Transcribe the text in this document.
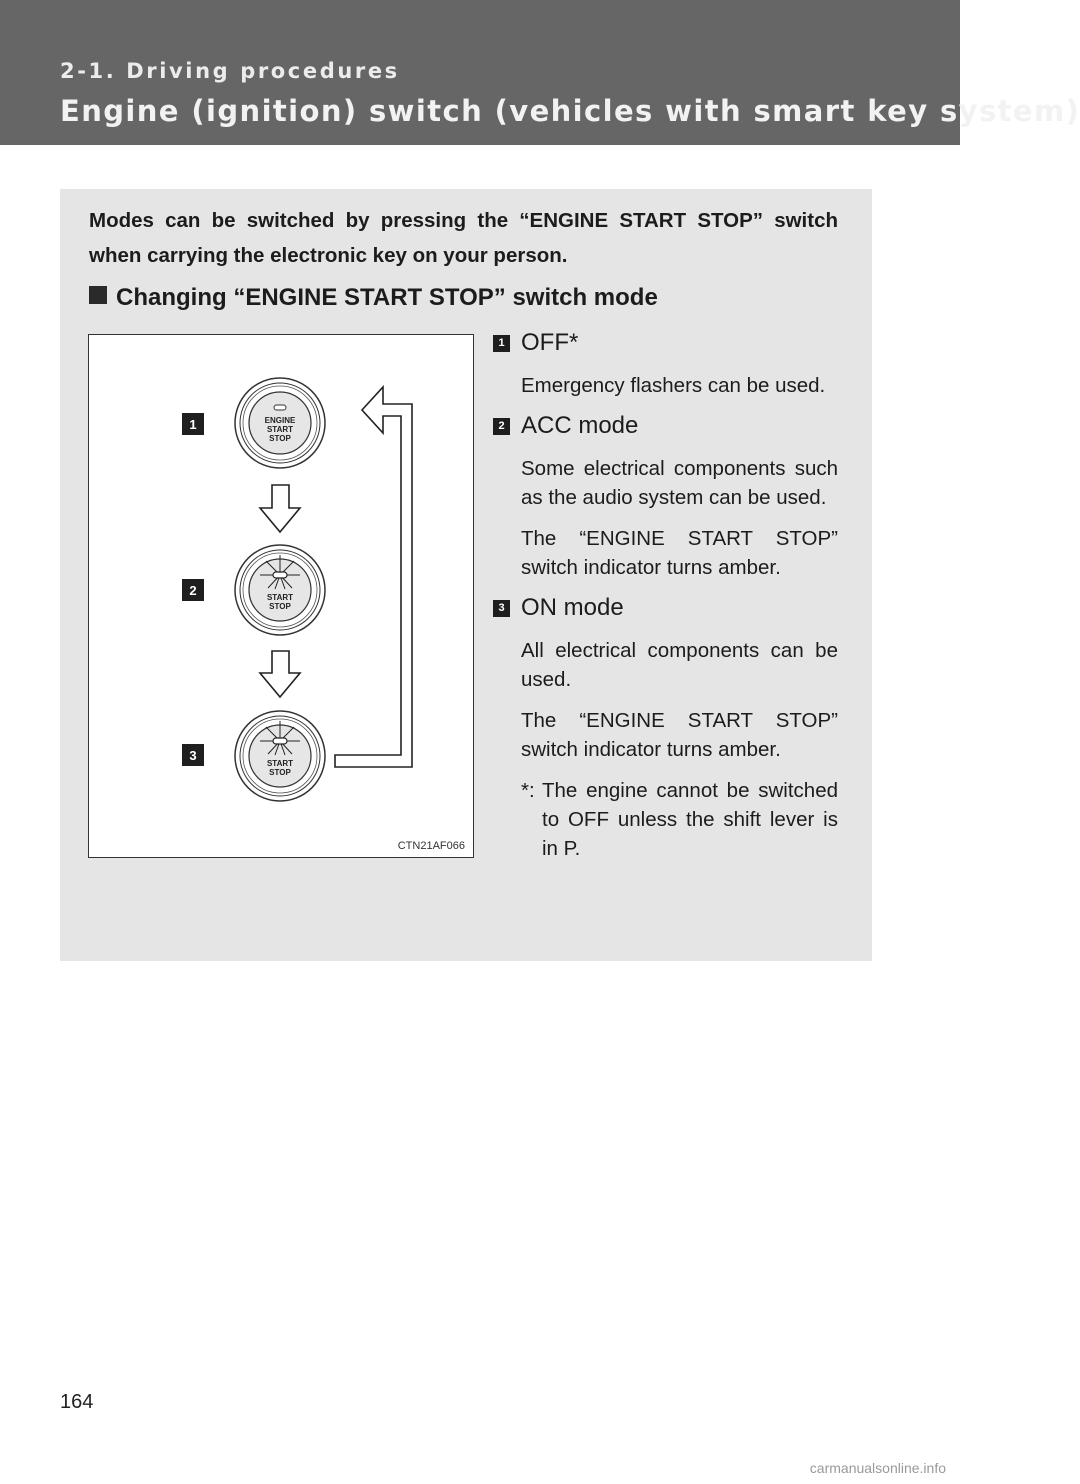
2-1. Driving procedures
Engine (ignition) switch (vehicles with smart key system)
Modes can be switched by pressing the “ENGINE START STOP” switch when carrying the electronic key on your person.
Changing “ENGINE START STOP” switch mode
1
2
3
ENGINE
START
STOP
START
STOP
START
STOP
CTN21AF066

1 OFF*

Emergency flashers can be used.

2 ACC mode

Some electrical components such as the audio system can be used.

The “ENGINE START STOP” switch indicator turns amber.

3 ON mode

All electrical components can be used.

The “ENGINE START STOP” switch indicator turns amber.

*: The engine cannot be switched to OFF unless the shift lever is in P.

164
carmanualsonline.info
